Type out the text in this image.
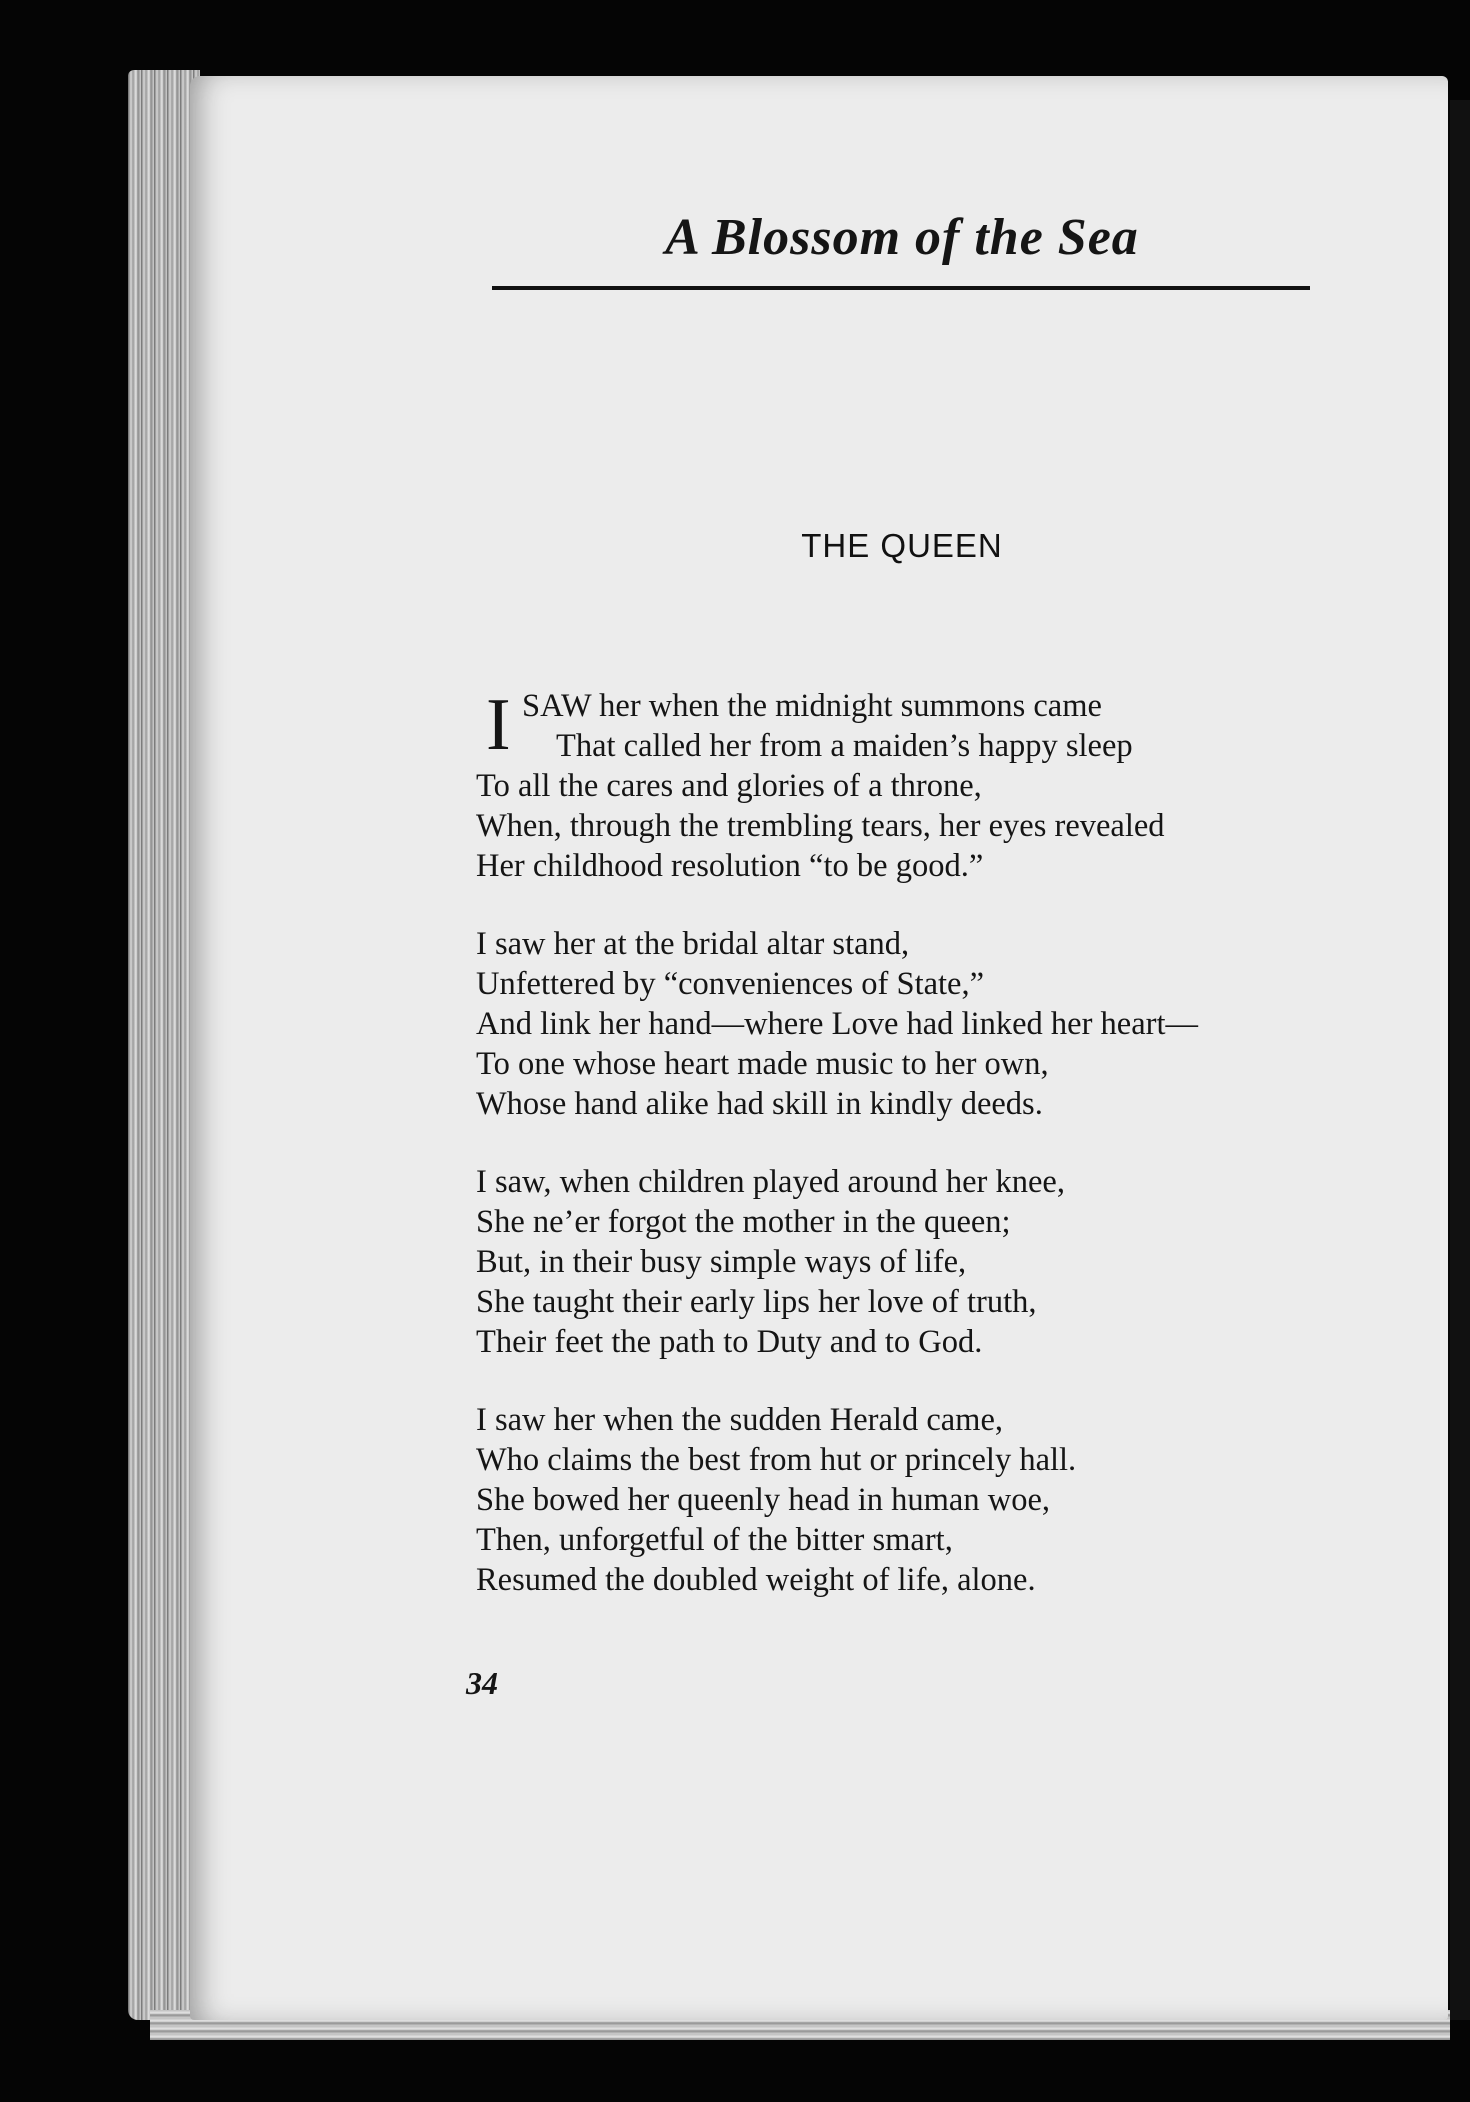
A Blossom of the Sea
THE QUEEN
I SAW her when the midnight summons came
That called her from a maiden’s happy sleep
To all the cares and glories of a throne,
When, through the trembling tears, her eyes revealed
Her childhood resolution “to be good.”
I saw her at the bridal altar stand,
Unfettered by “conveniences of State,”
And link her hand—where Love had linked her heart—
To one whose heart made music to her own,
Whose hand alike had skill in kindly deeds.
I saw, when children played around her knee,
She ne’er forgot the mother in the queen;
But, in their busy simple ways of life,
She taught their early lips her love of truth,
Their feet the path to Duty and to God.
I saw her when the sudden Herald came,
Who claims the best from hut or princely hall.
She bowed her queenly head in human woe,
Then, unforgetful of the bitter smart,
Resumed the doubled weight of life, alone.

34
